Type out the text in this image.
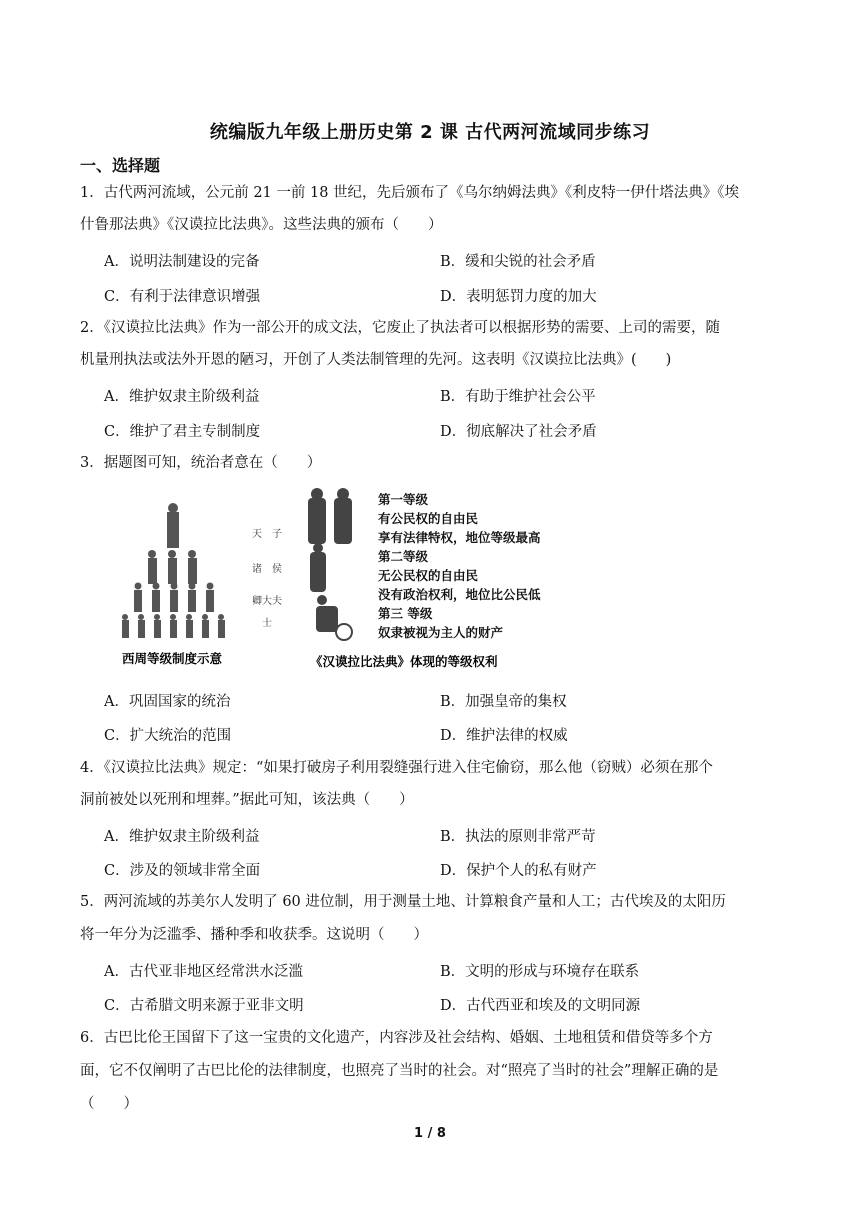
统编版九年级上册历史第 2 课 古代两河流域同步练习
一、选择题
1．古代两河流域，公元前 21 一前 18 世纪，先后颁布了《乌尔纳姆法典》《利皮特一伊什塔法典》《埃
什鲁那法典》《汉谟拉比法典》。这些法典的颁布（　　）
A．说明法制建设的完备	B．缓和尖锐的社会矛盾
C．有利于法律意识增强	D．表明惩罚力度的加大
2．《汉谟拉比法典》作为一部公开的成文法，它废止了执法者可以根据形势的需要、上司的需要，随
机量刑执法或法外开恩的陋习，开创了人类法制管理的先河。这表明《汉谟拉比法典》(　　)
A．维护奴隶主阶级利益	B．有助于维护社会公平
C．维护了君主专制制度	D．彻底解决了社会矛盾
3．据题图可知，统治者意在（　　）
天　子
诸　侯
卿大夫
士
西周等级制度示意
第一等级
有公民权的自由民
享有法律特权，地位等级最高
第二等级
无公民权的自由民
没有政治权利，地位比公民低
第三 等级
奴隶被视为主人的财产
《汉谟拉比法典》体现的等级权利
A．巩固国家的统治	B．加强皇帝的集权
C．扩大统治的范围	D．维护法律的权威
4．《汉谟拉比法典》规定：“如果打破房子利用裂缝强行进入住宅偷窃，那么他（窃贼）必须在那个
洞前被处以死刑和埋葬。”据此可知，该法典（　　）
A．维护奴隶主阶级利益	B．执法的原则非常严苛
C．涉及的领域非常全面	D．保护个人的私有财产
5．两河流域的苏美尔人发明了 60 进位制，用于测量土地、计算粮食产量和人工；古代埃及的太阳历
将一年分为泛滥季、播种季和收获季。这说明（　　）
A．古代亚非地区经常洪水泛滥	B．文明的形成与环境存在联系
C．古希腊文明来源于亚非文明	D．古代西亚和埃及的文明同源
6．古巴比伦王国留下了这一宝贵的文化遗产，内容涉及社会结构、婚姻、土地租赁和借贷等多个方
面，它不仅阐明了古巴比伦的法律制度，也照亮了当时的社会。对“照亮了当时的社会”理解正确的是
（　　）
1 / 8
